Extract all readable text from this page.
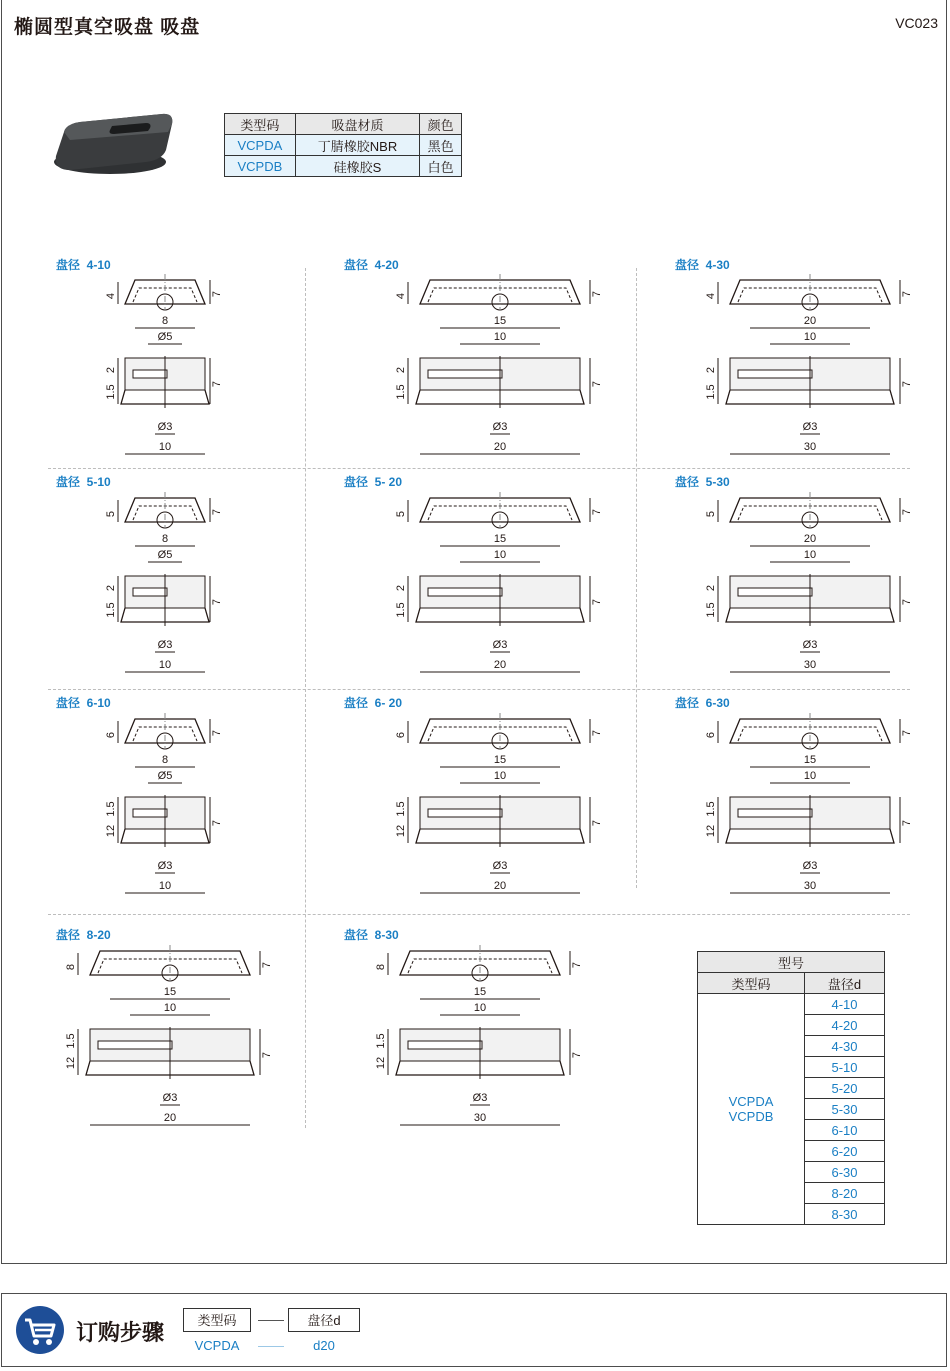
椭圆型真空吸盘 吸盘	VC023
类型码	吸盘材质	颜色
VCPDA	丁腈橡胶NBR	黑色
VCPDB	硅橡胶S	白色
盘径  4-10	盘径  4-20	盘径  4-30
盘径  5-10	盘径  5- 20	盘径  5-30
盘径  6-10	盘径  6- 20	盘径  6-30
盘径  8-20	盘径  8-30
4	7
8
Ø5
7
2
1.5
Ø3
10
4	7
15
10
7
2
1.5
Ø3
20
4	7
20
10
7
2
1.5
Ø3
30
5	7
8
Ø5
7
2
1.5
Ø3
10
5	7
15
10
7
2
1.5
Ø3
20
5	7
20
10
7
2
1.5
Ø3
30
6	7
8
Ø5
7
1.5
12
Ø3
10
6	7
15
10
7
1.5
12
Ø3
20
6	7
15
10
7
1.5
12
Ø3
30
8	7
15
10
7
1.5
12
Ø3
20
8	7
15
10
7
1.5
12
Ø3
30
型号	
类型码	盘径d

VCPDA
VCPDB	4-10
	4-20
	4-30
	5-10
	5-20
	5-30
	6-10
	6-20
	6-30
	8-20
	8-30
订购步骤	类型码	盘径d
VCPDA	d20
